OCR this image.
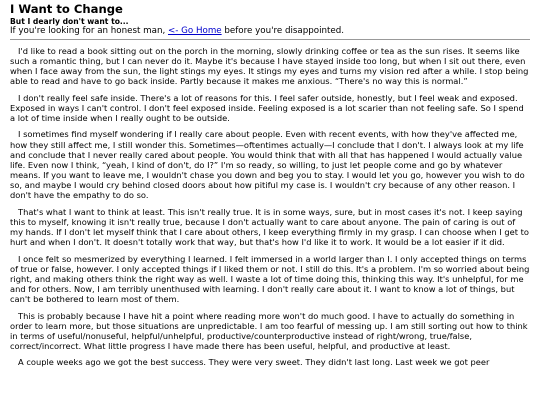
I Want to Change
But I dearly don't want to...

If you're looking for an honest man, <- Go Home before you're disappointed.

I'd like to read a book sitting out on the porch in the morning, slowly drinking coffee or tea as the sun rises. It seems like such a romantic thing, but I can never do it. Maybe it's because I have stayed inside too long, but when I sit out there, even when I face away from the sun, the light stings my eyes. It stings my eyes and turns my vision red after a while. I stop being able to read and have to go back inside. Partly because it makes me anxious. “There's no way this is normal.”

I don't really feel safe inside. There's a lot of reasons for this. I feel safer outside, honestly, but I feel weak and exposed. Exposed in ways I can't control. I don't feel exposed inside. Feeling exposed is a lot scarier than not feeling safe. So I spend a lot of time inside when I really ought to be outside.

I sometimes find myself wondering if I really care about people. Even with recent events, with how they've affected me, how they still affect me, I still wonder this. Sometimes—oftentimes actually—I conclude that I don't. I always look at my life and conclude that I never really cared about people. You would think that with all that has happened I would actually value life. Even now I think, “yeah, I kind of don't, do I?” I'm so ready, so willing, to just let people come and go by whatever means. If you want to leave me, I wouldn't chase you down and beg you to stay. I would let you go, however you wish to do so, and maybe I would cry behind closed doors about how pitiful my case is. I wouldn't cry because of any other reason. I don't have the empathy to do so.

That's what I want to think at least. This isn't really true. It is in some ways, sure, but in most cases it's not. I keep saying this to myself, knowing it isn't really true, because I don't actually want to care about anyone. The pain of caring is out of my hands. If I don't let myself think that I care about others, I keep everything firmly in my grasp. I can choose when I get to hurt and when I don't. It doesn't totally work that way, but that's how I'd like it to work. It would be a lot easier if it did.

I once felt so mesmerized by everything I learned. I felt immersed in a world larger than I. I only accepted things on terms of true or false, however. I only accepted things if I liked them or not. I still do this. It's a problem. I'm so worried about being right, and making others think the right way as well. I waste a lot of time doing this, thinking this way. It's unhelpful, for me and for others. Now, I am terribly unenthused with learning. I don't really care about it. I want to know a lot of things, but can't be bothered to learn most of them.

This is probably because I have hit a point where reading more won't do much good. I have to actually do something in order to learn more, but those situations are unpredictable. I am too fearful of messing up. I am still sorting out how to think in terms of useful/nonuseful, helpful/unhelpful, productive/counterproductive instead of right/wrong, true/false, correct/incorrect. What little progress I have made there has been useful, helpful, and productive at least.

A couple weeks ago we got the best success. They were very sweet. They didn't last long. Last week we got peer
